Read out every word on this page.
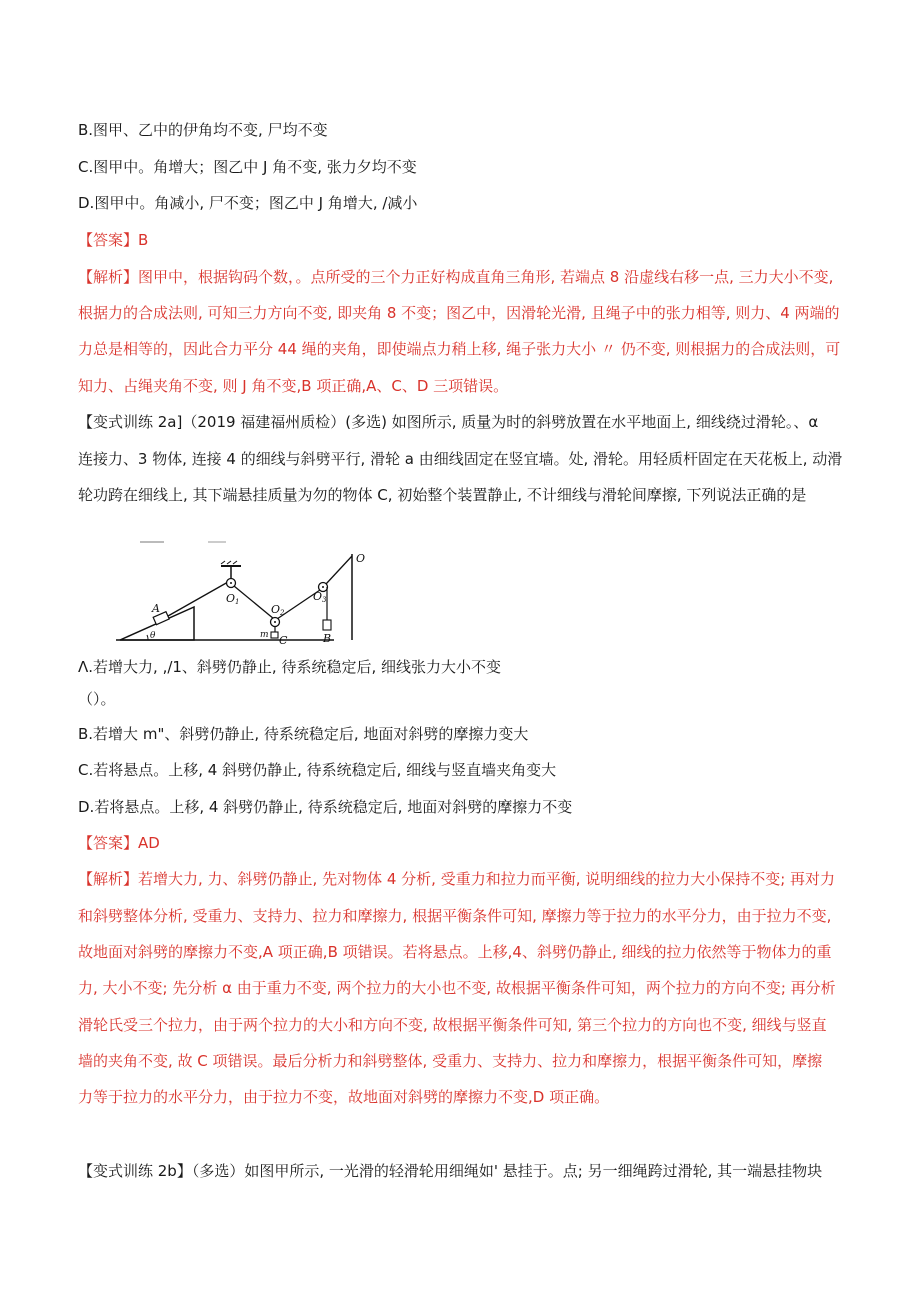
B.图甲、乙中的伊角均不变, 尸均不变
C.图甲中。角增大；图乙中 J 角不变, 张力夕均不变
D.图甲中。角减小, 尸不变；图乙中 J 角增大, /减小
【答案】 B
【解析】 图甲中，根据钩码个数，。点所受的三个力正好构成直角三角形, 若端点 8 沿虚线右移一点, 三力大小不变,
根据力的合成法则, 可知三力方向不变, 即夹角 8 不变；图乙中，因滑轮光滑, 且绳子中的张力相等, 则力、4 两端的
力总是相等的，因此合力平分 44 绳的夹角，即使端点力稍上移, 绳子张力大小 〃 仍不变, 则根据力的合成法则，可
知力、占绳夹角不变, 则 J 角不变,B 项正确,A、C、D 三项错误。
【变式训练 2a]（2019 福建福州质检）(多选) 如图所示, 质量为时的斜劈放置在水平地面上, 细线绕过滑轮。、α
连接力、3 物体, 连接 4 的细线与斜劈平行, 滑轮 a 由细线固定在竖宜墙。处, 滑轮。用轻质杆固定在天花板上, 动滑
轮功跨在细线上, 其下端悬挂质量为勿的物体 C, 初始整个装置静止, 不计细线与滑轮间摩擦, 下列说法正确的是
A
θ
O1
O2
O3
O
m C	B
Λ.若增大力, ,/1、斜劈仍静止, 待系统稳定后, 细线张力大小不变
（）。
B.若增大 m"、斜劈仍静止, 待系统稳定后, 地面对斜劈的摩擦力变大
C.若将悬点。上移, 4 斜劈仍静止, 待系统稳定后, 细线与竖直墙夹角变大
D.若将悬点。上移, 4 斜劈仍静止, 待系统稳定后, 地面对斜劈的摩擦力不变
【答案】 AD
【解析】 若增大力, 力、斜劈仍静止, 先对物体 4 分析, 受重力和拉力而平衡, 说明细线的拉力大小保持不变; 再对力
和斜劈整体分析, 受重力、支持力、拉力和摩擦力, 根据平衡条件可知, 摩擦力等于拉力的水平分力，由于拉力不变,
故地面对斜劈的摩擦力不变,A 项正确,B 项错误。若将悬点。上移,4、斜劈仍静止, 细线的拉力依然等于物体力的重
力, 大小不变; 先分析 α 由于重力不变, 两个拉力的大小也不变, 故根据平衡条件可知，两个拉力的方向不变; 再分析
滑轮氏受三个拉力，由于两个拉力的大小和方向不变, 故根据平衡条件可知, 第三个拉力的方向也不变, 细线与竖直
墙的夹角不变, 故 C 项错误。最后分析力和斜劈整体, 受重力、支持力、拉力和摩擦力，根据平衡条件可知，摩擦
力等于拉力的水平分力，由于拉力不变，故地面对斜劈的摩擦力不变,D 项正确。
【变式训练 2b】（多选）如图甲所示, 一光滑的轻滑轮用细绳如' 悬挂于。点; 另一细绳跨过滑轮, 其一端悬挂物块
